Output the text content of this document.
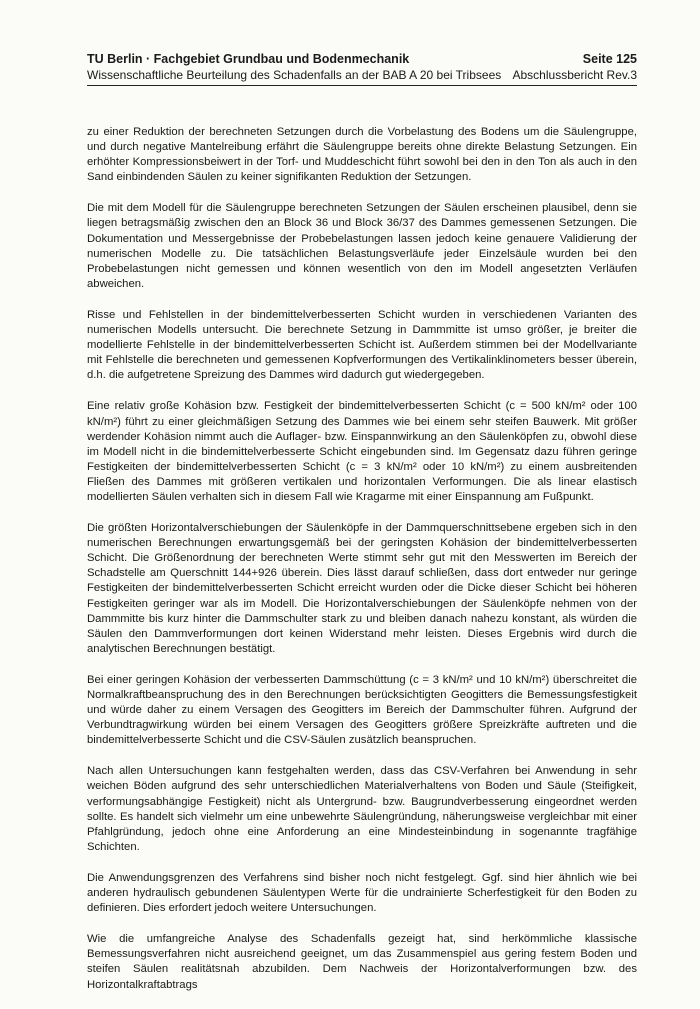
TU Berlin · Fachgebiet Grundbau und Bodenmechanik	Seite 125
Wissenschaftliche Beurteilung des Schadenfalls an der BAB A 20 bei Tribsees Abschlussbericht Rev.3

zu einer Reduktion der berechneten Setzungen durch die Vorbelastung des Bodens um die Säulengruppe, und durch negative Mantelreibung erfährt die Säulengruppe bereits ohne direkte Belastung Setzungen. Ein erhöhter Kompressionsbeiwert in der Torf- und Muddeschicht führt sowohl bei den in den Ton als auch in den Sand einbindenden Säulen zu keiner signifikanten Reduktion der Setzungen.

Die mit dem Modell für die Säulengruppe berechneten Setzungen der Säulen erscheinen plausibel, denn sie liegen betragsmäßig zwischen den an Block 36 und Block 36/37 des Dammes gemessenen Setzungen. Die Dokumentation und Messergebnisse der Probebelastungen lassen jedoch keine genauere Validierung der numerischen Modelle zu. Die tatsächlichen Belastungsverläufe jeder Einzelsäule wurden bei den Probebelastungen nicht gemessen und können wesentlich von den im Modell angesetzten Verläufen abweichen.

Risse und Fehlstellen in der bindemittelverbesserten Schicht wurden in verschiedenen Varianten des numerischen Modells untersucht. Die berechnete Setzung in Dammmitte ist umso größer, je breiter die modellierte Fehlstelle in der bindemittelverbesserten Schicht ist. Außerdem stimmen bei der Modellvariante mit Fehlstelle die berechneten und gemessenen Kopfverformungen des Vertikalinklinometers besser überein, d.h. die aufgetretene Spreizung des Dammes wird dadurch gut wiedergegeben.

Eine relativ große Kohäsion bzw. Festigkeit der bindemittelverbesserten Schicht (c = 500 kN/m² oder 100 kN/m²) führt zu einer gleichmäßigen Setzung des Dammes wie bei einem sehr steifen Bauwerk. Mit größer werdender Kohäsion nimmt auch die Auflager- bzw. Einspannwirkung an den Säulenköpfen zu, obwohl diese im Modell nicht in die bindemittelverbesserte Schicht eingebunden sind. Im Gegensatz dazu führen geringe Festigkeiten der bindemittelverbesserten Schicht (c = 3 kN/m² oder 10 kN/m²) zu einem ausbreitenden Fließen des Dammes mit größeren vertikalen und horizontalen Verformungen. Die als linear elastisch modellierten Säulen verhalten sich in diesem Fall wie Kragarme mit einer Einspannung am Fußpunkt.

Die größten Horizontalverschiebungen der Säulenköpfe in der Dammquerschnittsebene ergeben sich in den numerischen Berechnungen erwartungsgemäß bei der geringsten Kohäsion der bindemittelverbesserten Schicht. Die Größenordnung der berechneten Werte stimmt sehr gut mit den Messwerten im Bereich der Schadstelle am Querschnitt 144+926 überein. Dies lässt darauf schließen, dass dort entweder nur geringe Festigkeiten der bindemittelverbesserten Schicht erreicht wurden oder die Dicke dieser Schicht bei höheren Festigkeiten geringer war als im Modell. Die Horizontalverschiebungen der Säulenköpfe nehmen von der Dammmitte bis kurz hinter die Dammschulter stark zu und bleiben danach nahezu konstant, als würden die Säulen den Dammverformungen dort keinen Widerstand mehr leisten. Dieses Ergebnis wird durch die analytischen Berechnungen bestätigt.

Bei einer geringen Kohäsion der verbesserten Dammschüttung (c = 3 kN/m² und 10 kN/m²) überschreitet die Normalkraftbeanspruchung des in den Berechnungen berücksichtigten Geogitters die Bemessungsfestigkeit und würde daher zu einem Versagen des Geogitters im Bereich der Dammschulter führen. Aufgrund der Verbundtragwirkung würden bei einem Versagen des Geogitters größere Spreizkräfte auftreten und die bindemittelverbesserte Schicht und die CSV-Säulen zusätzlich beanspruchen.

Nach allen Untersuchungen kann festgehalten werden, dass das CSV-Verfahren bei Anwendung in sehr weichen Böden aufgrund des sehr unterschiedlichen Materialverhaltens von Boden und Säule (Steifigkeit, verformungsabhängige Festigkeit) nicht als Untergrund- bzw. Baugrundverbesserung eingeordnet werden sollte. Es handelt sich vielmehr um eine unbewehrte Säulengründung, näherungsweise vergleichbar mit einer Pfahlgründung, jedoch ohne eine Anforderung an eine Mindesteinbindung in sogenannte tragfähige Schichten.

Die Anwendungsgrenzen des Verfahrens sind bisher noch nicht festgelegt. Ggf. sind hier ähnlich wie bei anderen hydraulisch gebundenen Säulentypen Werte für die undrainierte Scherfestigkeit für den Boden zu definieren. Dies erfordert jedoch weitere Untersuchungen.

Wie die umfangreiche Analyse des Schadenfalls gezeigt hat, sind herkömmliche klassische Bemessungsverfahren nicht ausreichend geeignet, um das Zusammenspiel aus gering festem Boden und steifen Säulen realitätsnah abzubilden. Dem Nachweis der Horizontalverformungen bzw. des Horizontalkraftabtrags
